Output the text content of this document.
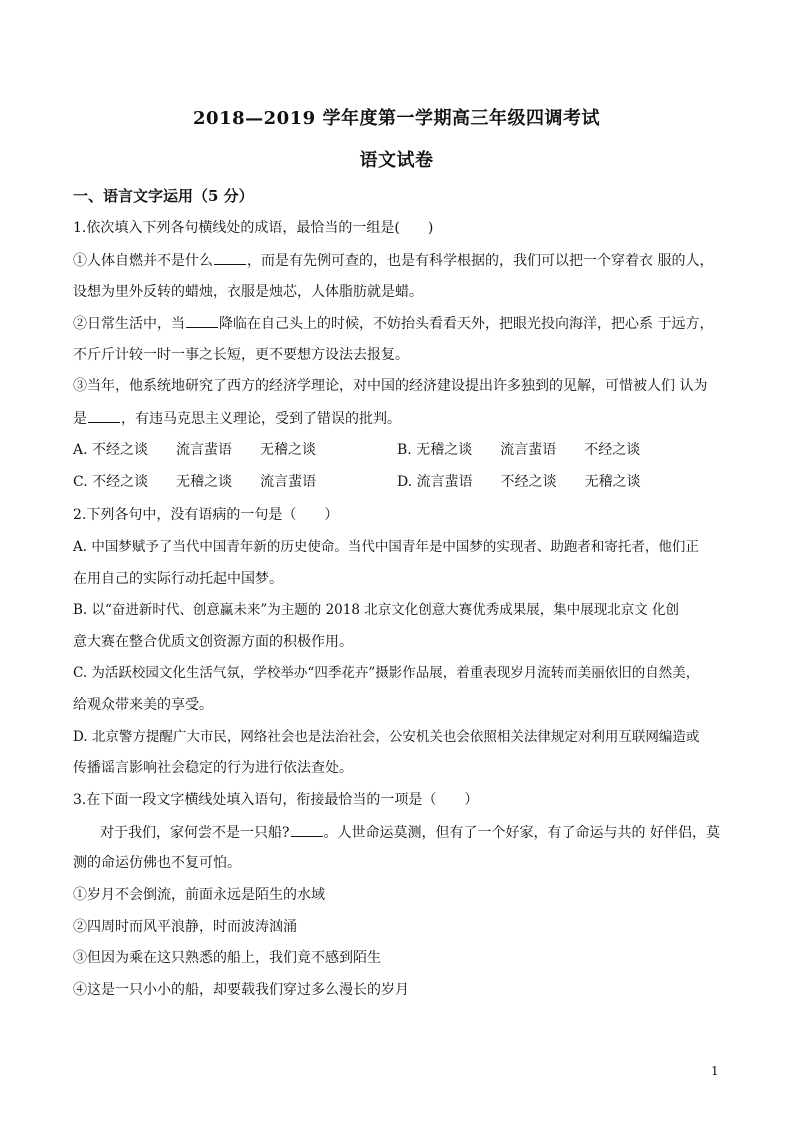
2018—2019 学年度第一学期高三年级四调考试
语文试卷
一、语言文字运用（5 分）
1.依次填入下列各句横线处的成语，最恰当的一组是(　　)
①人体自燃并不是什么 ，而是有先例可查的，也是有科学根据的，我们可以把一个穿着衣 服的人，
设想为里外反转的蜡烛，衣服是烛芯，人体脂肪就是蜡。
②日常生活中，当 降临在自己头上的时候，不妨抬头看看天外，把眼光投向海洋，把心系 于远方，
不斤斤计较一时一事之长短，更不要想方设法去报复。
③当年，他系统地研究了西方的经济学理论，对中国的经济建设提出许多独到的见解，可惜被人们 认为
是 ，有违马克思主义理论，受到了错误的批判。
A. 不经之谈　　流言蜚语　　无稽之谈	B. 无稽之谈　　流言蜚语　　不经之谈
C. 不经之谈　　无稽之谈　　流言蜚语	D. 流言蜚语　　不经之谈　　无稽之谈
2.下列各句中，没有语病的一句是（　　）
A. 中国梦赋予了当代中国青年新的历史使命。当代中国青年是中国梦的实现者、助跑者和寄托者，他们正
在用自己的实际行动托起中国梦。
B. 以“奋进新时代、创意赢未来”为主题的 2018 北京文化创意大赛优秀成果展，集中展现北京文 化创
意大赛在整合优质文创资源方面的积极作用。
C. 为活跃校园文化生活气氛，学校举办“四季花卉”摄影作品展，着重表现岁月流转而美丽依旧的自然美，
给观众带来美的享受。
D. 北京警方提醒广大市民，网络社会也是法治社会，公安机关也会依照相关法律规定对利用互联网编造或
传播谣言影响社会稳定的行为进行依法查处。
3.在下面一段文字横线处填入语句，衔接最恰当的一项是（　　）
对于我们，家何尝不是一只船? 。人世命运莫测，但有了一个好家，有了命运与共的 好伴侣，莫
测的命运仿佛也不复可怕。
①岁月不会倒流，前面永远是陌生的水域
②四周时而风平浪静，时而波涛汹涌
③但因为乘在这只熟悉的船上，我们竟不感到陌生
④这是一只小小的船，却要载我们穿过多么漫长的岁月
1
